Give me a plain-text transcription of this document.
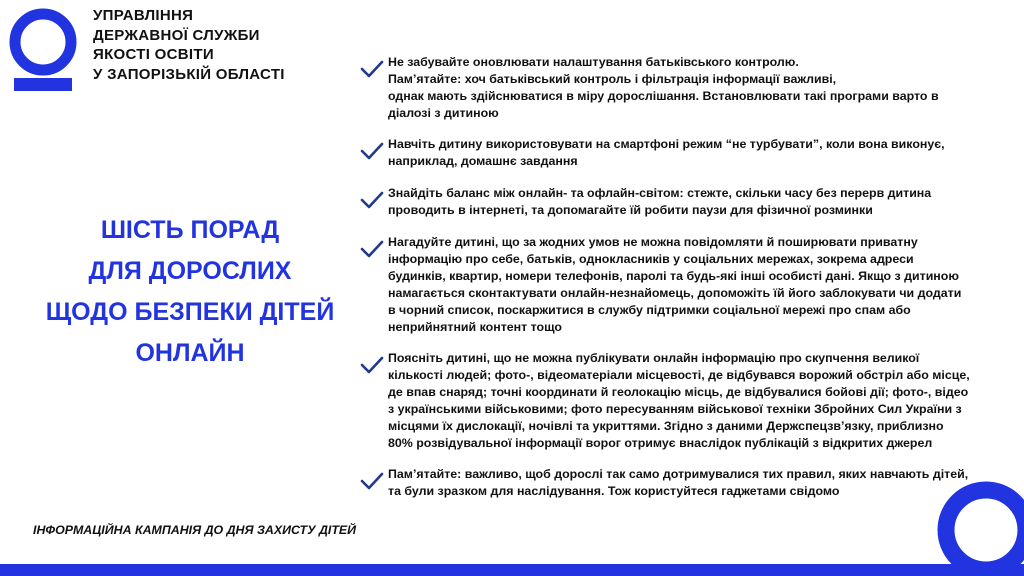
УПРАВЛІННЯ
ДЕРЖАВНОЇ СЛУЖБИ
ЯКОСТІ ОСВІТИ
У ЗАПОРІЗЬКІЙ ОБЛАСТІ
ШІСТЬ ПОРАД
ДЛЯ ДОРОСЛИХ
ЩОДО БЕЗПЕКИ ДІТЕЙ
ОНЛАЙН

Не забувайте оновлювати налаштування батьківського контролю.
Пам’ятайте: хоч батьківський контроль і фільтрація інформації важливі,
однак мають здійснюватися в міру дорослішання. Встановлювати такі програми варто в
діалозі з дитиною

Навчіть дитину використовувати на смартфоні режим “не турбувати”, коли вона виконує,
наприклад, домашнє завдання

Знайдіть баланс між онлайн- та офлайн-світом: стежте, скільки часу без перерв дитина
проводить в інтернеті, та допомагайте їй робити паузи для фізичної розминки

Нагадуйте дитині, що за жодних умов не можна повідомляти й поширювати приватну
інформацію про себе, батьків, однокласників у соціальних мережах, зокрема адреси
будинків, квартир, номери телефонів, паролі та будь-які інші особисті дані. Якщо з дитиною
намагається сконтактувати онлайн-незнайомець, допоможіть їй його заблокувати чи додати
в чорний список, поскаржитися в службу підтримки соціальної мережі про спам або
неприйнятний контент тощо

Поясніть дитині, що не можна публікувати онлайн інформацію про скупчення великої
кількості людей; фото-, відеоматеріали місцевості, де відбувався ворожий обстріл або місце,
де впав снаряд; точні координати й геолокацію місць, де відбувалися бойові дії; фото-, відео
з українськими військовими; фото пересуванням військової техніки Збройних Сил України з
місцями їх дислокації, ночівлі та укриттями. Згідно з даними Держспецзв’язку, приблизно
80% розвідувальної інформації ворог отримує внаслідок публікацій з відкритих джерел

Пам’ятайте: важливо, щоб дорослі так само дотримувалися тих правил, яких навчають дітей,
та були зразком для наслідування. Тож користуйтеся гаджетами свідомо

ІНФОРМАЦІЙНА КАМПАНІЯ ДО ДНЯ ЗАХИСТУ ДІТЕЙ
